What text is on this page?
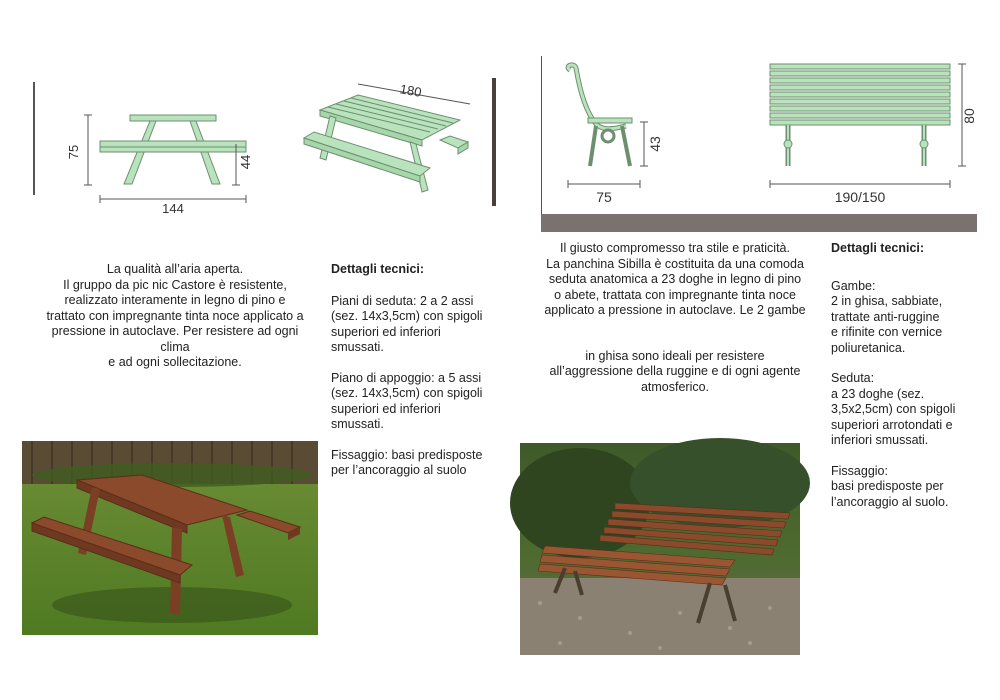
75
44
144
180
La qualità all’aria aperta.
Il gruppo da pic nic Castore è resistente,
realizzato interamente in legno di pino e
trattato con impregnante tinta noce applicato a
pressione in autoclave. Per resistere ad ogni
clima
e ad ogni sollecitazione.
Dettagli tecnici:

Piani di seduta: 2 a 2 assi
(sez. 14x3,5cm) con spigoli
superiori ed inferiori
smussati.

Piano di appoggio: a 5 assi
(sez. 14x3,5cm) con spigoli
superiori ed inferiori
smussati.

Fissaggio: basi predisposte
per l’ancoraggio al suolo

43
75
80
190/150
Il giusto compromesso tra stile e praticità.
La panchina Sibilla è costituita da una comoda
seduta anatomica a 23 doghe in legno di pino
o abete, trattata con impregnante tinta noce
applicato a pressione in autoclave. Le 2 gambe
in ghisa sono ideali per resistere
all’aggressione della ruggine e di ogni agente
atmosferico.
Dettagli tecnici:

Gambe:
2 in ghisa, sabbiate,
trattate anti-ruggine
e rifinite con vernice
poliuretanica.

Seduta:
a 23 doghe (sez.
3,5x2,5cm) con spigoli
superiori arrotondati e
inferiori smussati.

Fissaggio:
basi predisposte per
l’ancoraggio al suolo.
